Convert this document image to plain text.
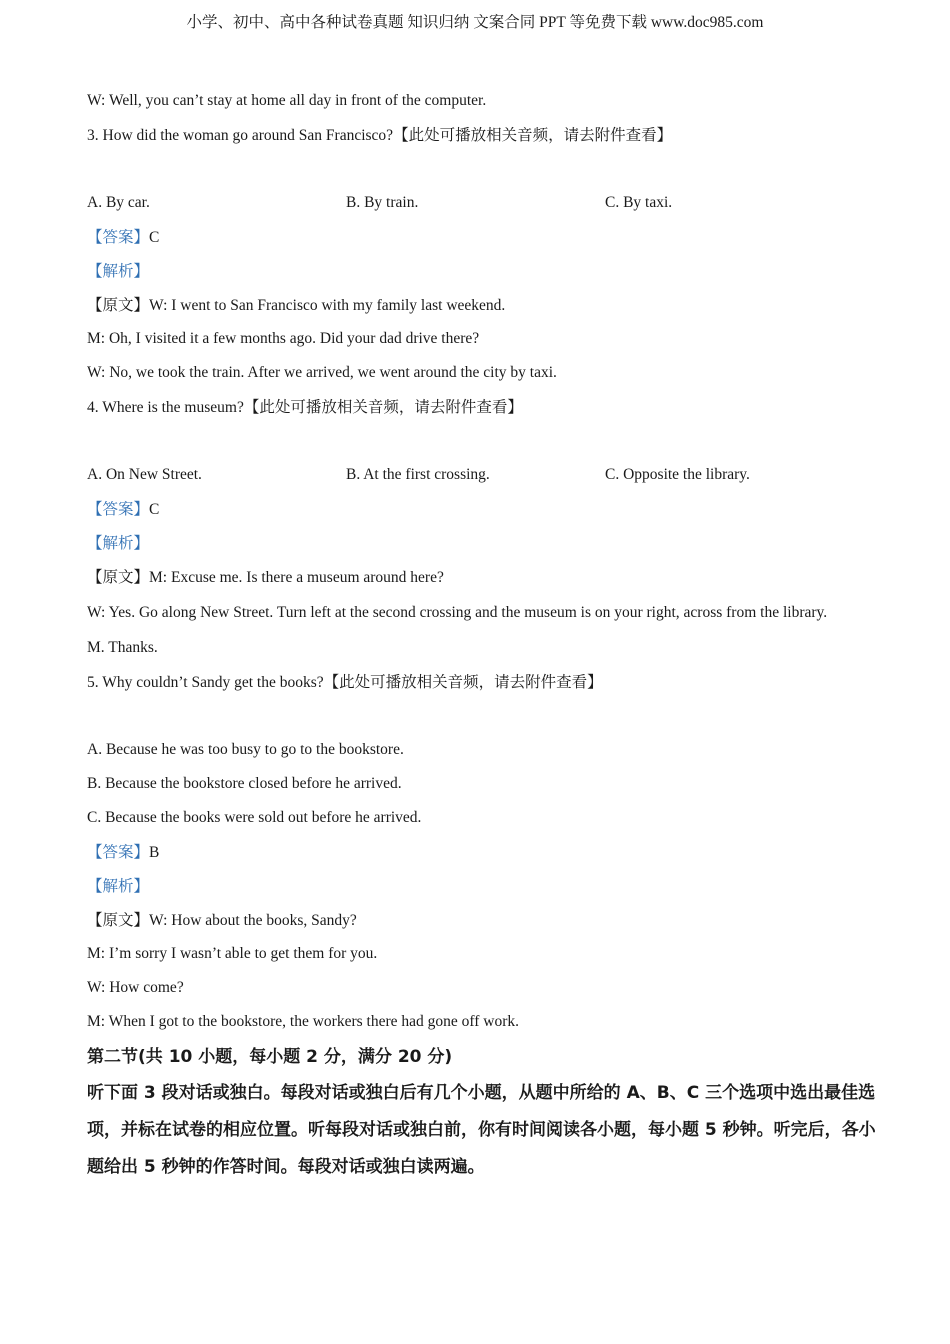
小学、初中、高中各种试卷真题 知识归纳 文案合同 PPT 等免费下载 www.doc985.com
W: Well, you can’t stay at home all day in front of the computer.
3. How did the woman go around San Francisco?【此处可播放相关音频，请去附件查看】
A. By car.	B. By train.	C. By taxi.
【答案】C
【解析】
【原文】W: I went to San Francisco with my family last weekend.
M: Oh, I visited it a few months ago. Did your dad drive there?
W: No, we took the train. After we arrived, we went around the city by taxi.
4. Where is the museum?【此处可播放相关音频，请去附件查看】
A. On New Street.	B. At the first crossing.	C. Opposite the library.
【答案】C
【解析】
【原文】M: Excuse me. Is there a museum around here?
W: Yes. Go along New Street. Turn left at the second crossing and the museum is on your right, across from the library.
M. Thanks.
5. Why couldn’t Sandy get the books?【此处可播放相关音频，请去附件查看】
A. Because he was too busy to go to the bookstore.
B. Because the bookstore closed before he arrived.
C. Because the books were sold out before he arrived.
【答案】B
【解析】
【原文】W: How about the books, Sandy?
M: I’m sorry I wasn’t able to get them for you.
W: How come?
M: When I got to the bookstore, the workers there had gone off work.
第二节(共 10 小题，每小题 2 分，满分 20 分)
听下面 3 段对话或独白。每段对话或独白后有几个小题，从题中所给的 A、B、C 三个选项中选出最佳选项，并标在试卷的相应位置。听每段对话或独白前，你有时间阅读各小题，每小题 5 秒钟。听完后，各小题给出 5 秒钟的作答时间。每段对话或独白读两遍。
